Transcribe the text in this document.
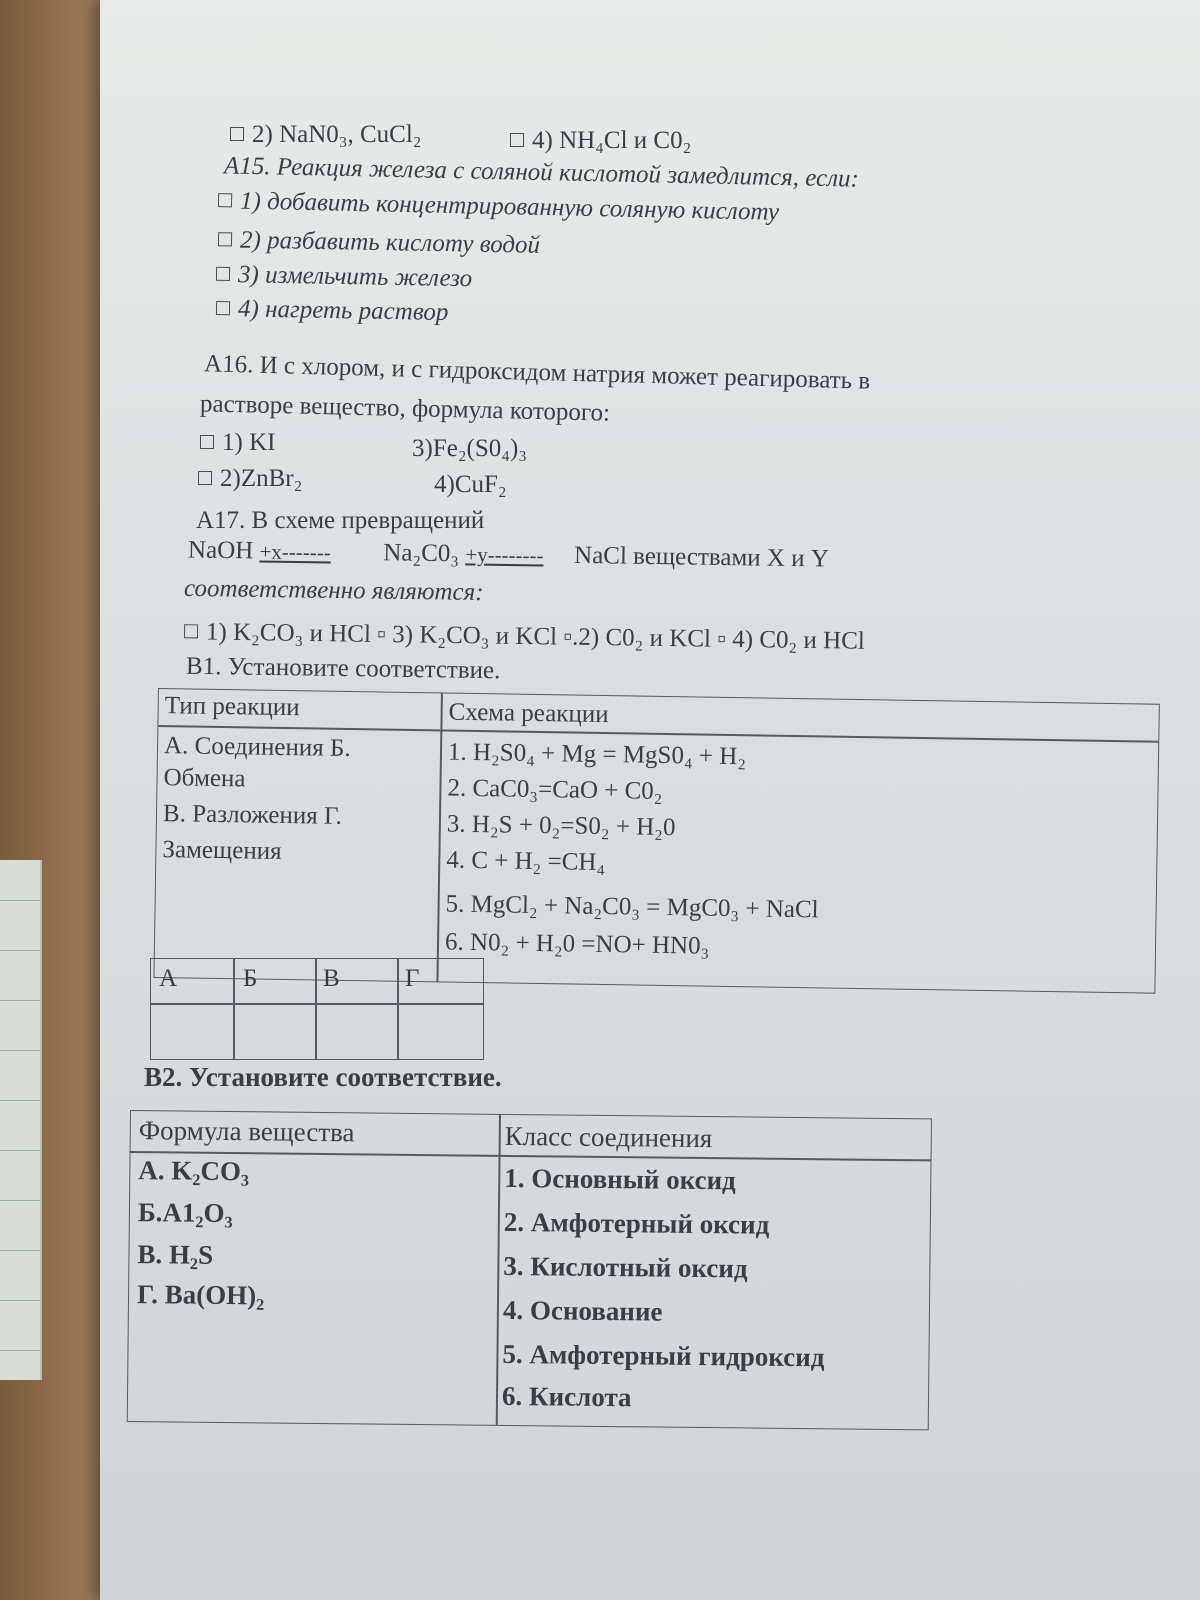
2) NaN0₃, CuCl₂	4) NH₄Cl и C0₂
А15. Реакция железа с соляной кислотой замедлится, если:
1) добавить концентрированную соляную кислоту
2) разбавить кислоту водой
3) измельчить железо
4) нагреть раствор
А16. И с хлором, и с гидроксидом натрия может реагировать в
растворе вещество, формула которого:
1) KI	3)Fe₂(S0₄)₃
2)ZnBr₂	4)CuF₂
А17. В схеме превращений
NaOH +x------- Na₂C0₃ +y-------- NaCl веществами X и Y
соответственно являются:
1) K₂CO₃ и HCl ▫ 3) K₂CO₃ и KCl ▫.2) C0₂ и KCl ▫ 4) C0₂ и HCl
В1. Установите соответствие.
Тип реакции	Схема реакции
А. Соединения Б.
Обмена
В. Разложения Г.
Замещения
1. H₂S0₄ + Mg = MgS0₄ + H₂
2. CaC0₃=CaO + C0₂
3. H₂S + 0₂=S0₂ + H₂0
4. C + H₂ =CH₄
5. MgCl₂ + Na₂C0₃ = MgC0₃ + NaCl
6. N0₂ + H₂0 =NO+ HN0₃
А	Б	В	Г
В2. Установите соответствие.
Формула вещества	Класс соединения
А. K₂CO₃
Б.A1₂O₃
В. H₂S
Г. Ba(OH)₂
1. Основный оксид
2. Амфотерный оксид
3. Кислотный оксид
4. Основание
5. Амфотерный гидроксид
6. Кислота
